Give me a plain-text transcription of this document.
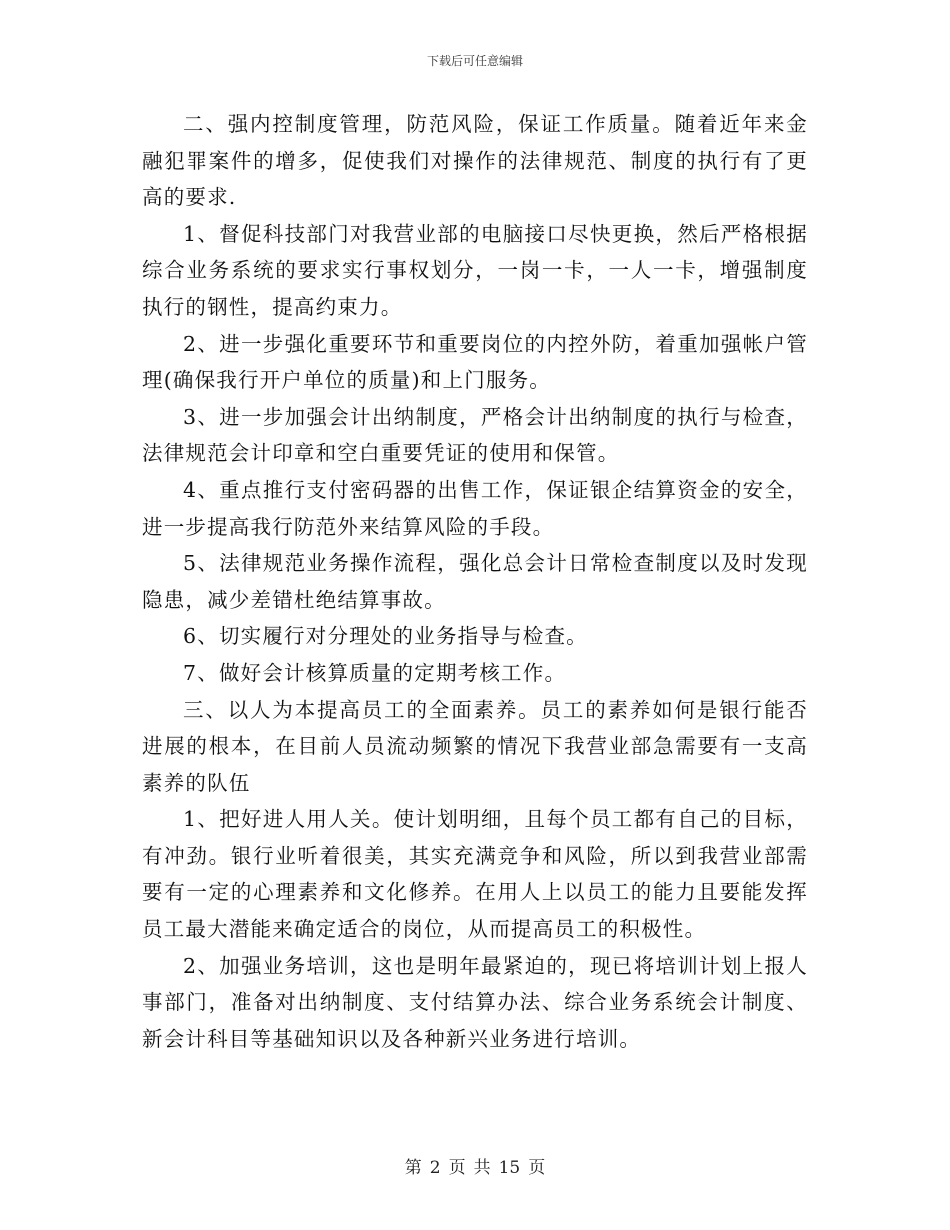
下载后可任意编辑

二、强内控制度管理，防范风险，保证工作质量。随着近年来金融犯罪案件的增多，促使我们对操作的法律规范、制度的执行有了更高的要求.

1、督促科技部门对我营业部的电脑接口尽快更换，然后严格根据综合业务系统的要求实行事权划分，一岗一卡，一人一卡，增强制度执行的钢性，提高约束力。

2、进一步强化重要环节和重要岗位的内控外防，着重加强帐户管理(确保我行开户单位的质量)和上门服务。

3、进一步加强会计出纳制度，严格会计出纳制度的执行与检查，法律规范会计印章和空白重要凭证的使用和保管。

4、重点推行支付密码器的出售工作，保证银企结算资金的安全，进一步提高我行防范外来结算风险的手段。

5、法律规范业务操作流程，强化总会计日常检查制度以及时发现隐患，减少差错杜绝结算事故。

6、切实履行对分理处的业务指导与检查。

7、做好会计核算质量的定期考核工作。

三、以人为本提高员工的全面素养。员工的素养如何是银行能否进展的根本，在目前人员流动频繁的情况下我营业部急需要有一支高素养的队伍

1、把好进人用人关。使计划明细，且每个员工都有自己的目标，有冲劲。银行业听着很美，其实充满竞争和风险，所以到我营业部需要有一定的心理素养和文化修养。在用人上以员工的能力且要能发挥员工最大潜能来确定适合的岗位，从而提高员工的积极性。

2、加强业务培训，这也是明年最紧迫的，现已将培训计划上报人事部门，准备对出纳制度、支付结算办法、综合业务系统会计制度、新会计科目等基础知识以及各种新兴业务进行培训。

第 2 页 共 15 页
